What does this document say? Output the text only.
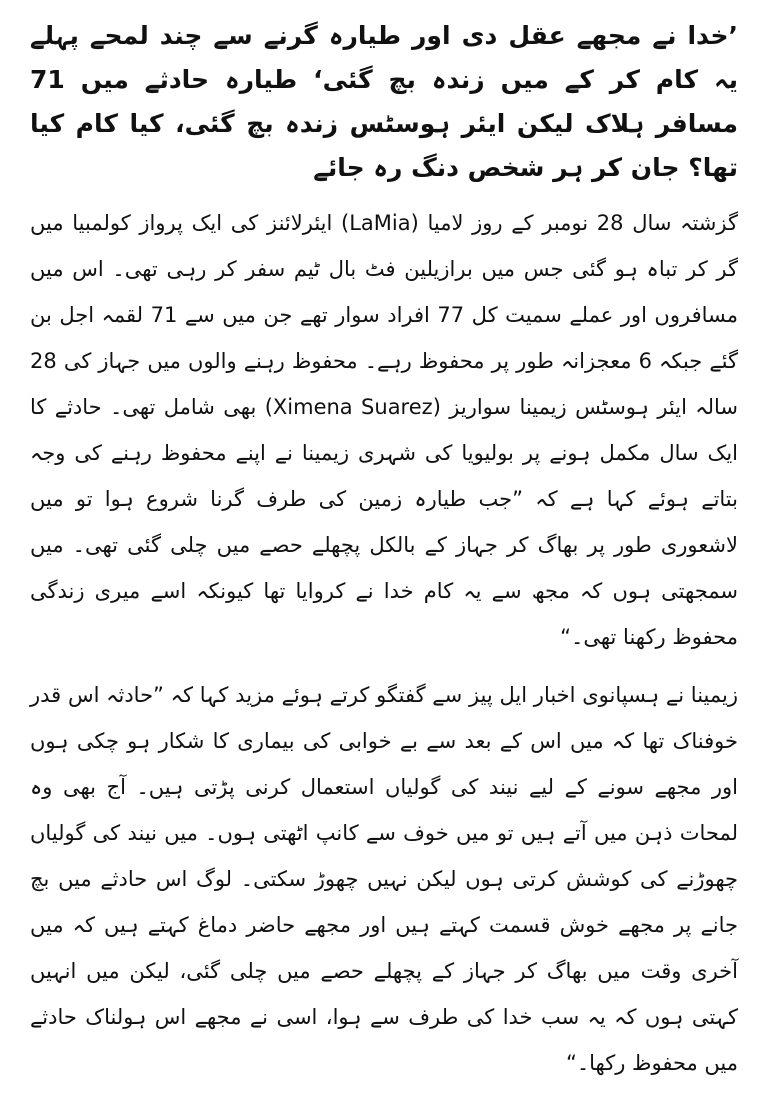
’خدا نے مجھے عقل دی اور طیارہ گرنے سے چند لمحے پہلے یہ کام کر کے میں زندہ بچ گئی‘ طیارہ حادثے میں 71 مسافر ہلاک لیکن ایئر ہوسٹس زندہ بچ گئی، کیا کام کیا تھا؟ جان کر ہر شخص دنگ رہ جائے

گزشتہ سال 28 نومبر کے روز لامیا (LaMia) ایئرلائنز کی ایک پرواز کولمبیا میں گر کر تباہ ہو گئی جس میں برازیلین فٹ بال ٹیم سفر کر رہی تھی۔ اس میں مسافروں اور عملے سمیت کل 77 افراد سوار تھے جن میں سے 71 لقمہ اجل بن گئے جبکہ 6 معجزانہ طور پر محفوظ رہے۔ محفوظ رہنے والوں میں جہاز کی 28 سالہ ایئر ہوسٹس زیمینا سواریز (Ximena Suarez) بھی شامل تھی۔ حادثے کا ایک سال مکمل ہونے پر بولیویا کی شہری زیمینا نے اپنے محفوظ رہنے کی وجہ بتاتے ہوئے کہا ہے کہ ”جب طیارہ زمین کی طرف گرنا شروع ہوا تو میں لاشعوری طور پر بھاگ کر جہاز کے بالکل پچھلے حصے میں چلی گئی تھی۔ میں سمجھتی ہوں کہ مجھ سے یہ کام خدا نے کروایا تھا کیونکہ اسے میری زندگی محفوظ رکھنا تھی۔“

زیمینا نے ہسپانوی اخبار ایل پیز سے گفتگو کرتے ہوئے مزید کہا کہ ”حادثہ اس قدر خوفناک تھا کہ میں اس کے بعد سے بے خوابی کی بیماری کا شکار ہو چکی ہوں اور مجھے سونے کے لیے نیند کی گولیاں استعمال کرنی پڑتی ہیں۔ آج بھی وہ لمحات ذہن میں آتے ہیں تو میں خوف سے کانپ اٹھتی ہوں۔ میں نیند کی گولیاں چھوڑنے کی کوشش کرتی ہوں لیکن نہیں چھوڑ سکتی۔ لوگ اس حادثے میں بچ جانے پر مجھے خوش قسمت کہتے ہیں اور مجھے حاضر دماغ کہتے ہیں کہ میں آخری وقت میں بھاگ کر جہاز کے پچھلے حصے میں چلی گئی، لیکن میں انہیں کہتی ہوں کہ یہ سب خدا کی طرف سے ہوا، اسی نے مجھے اس ہولناک حادثے میں محفوظ رکھا۔“
